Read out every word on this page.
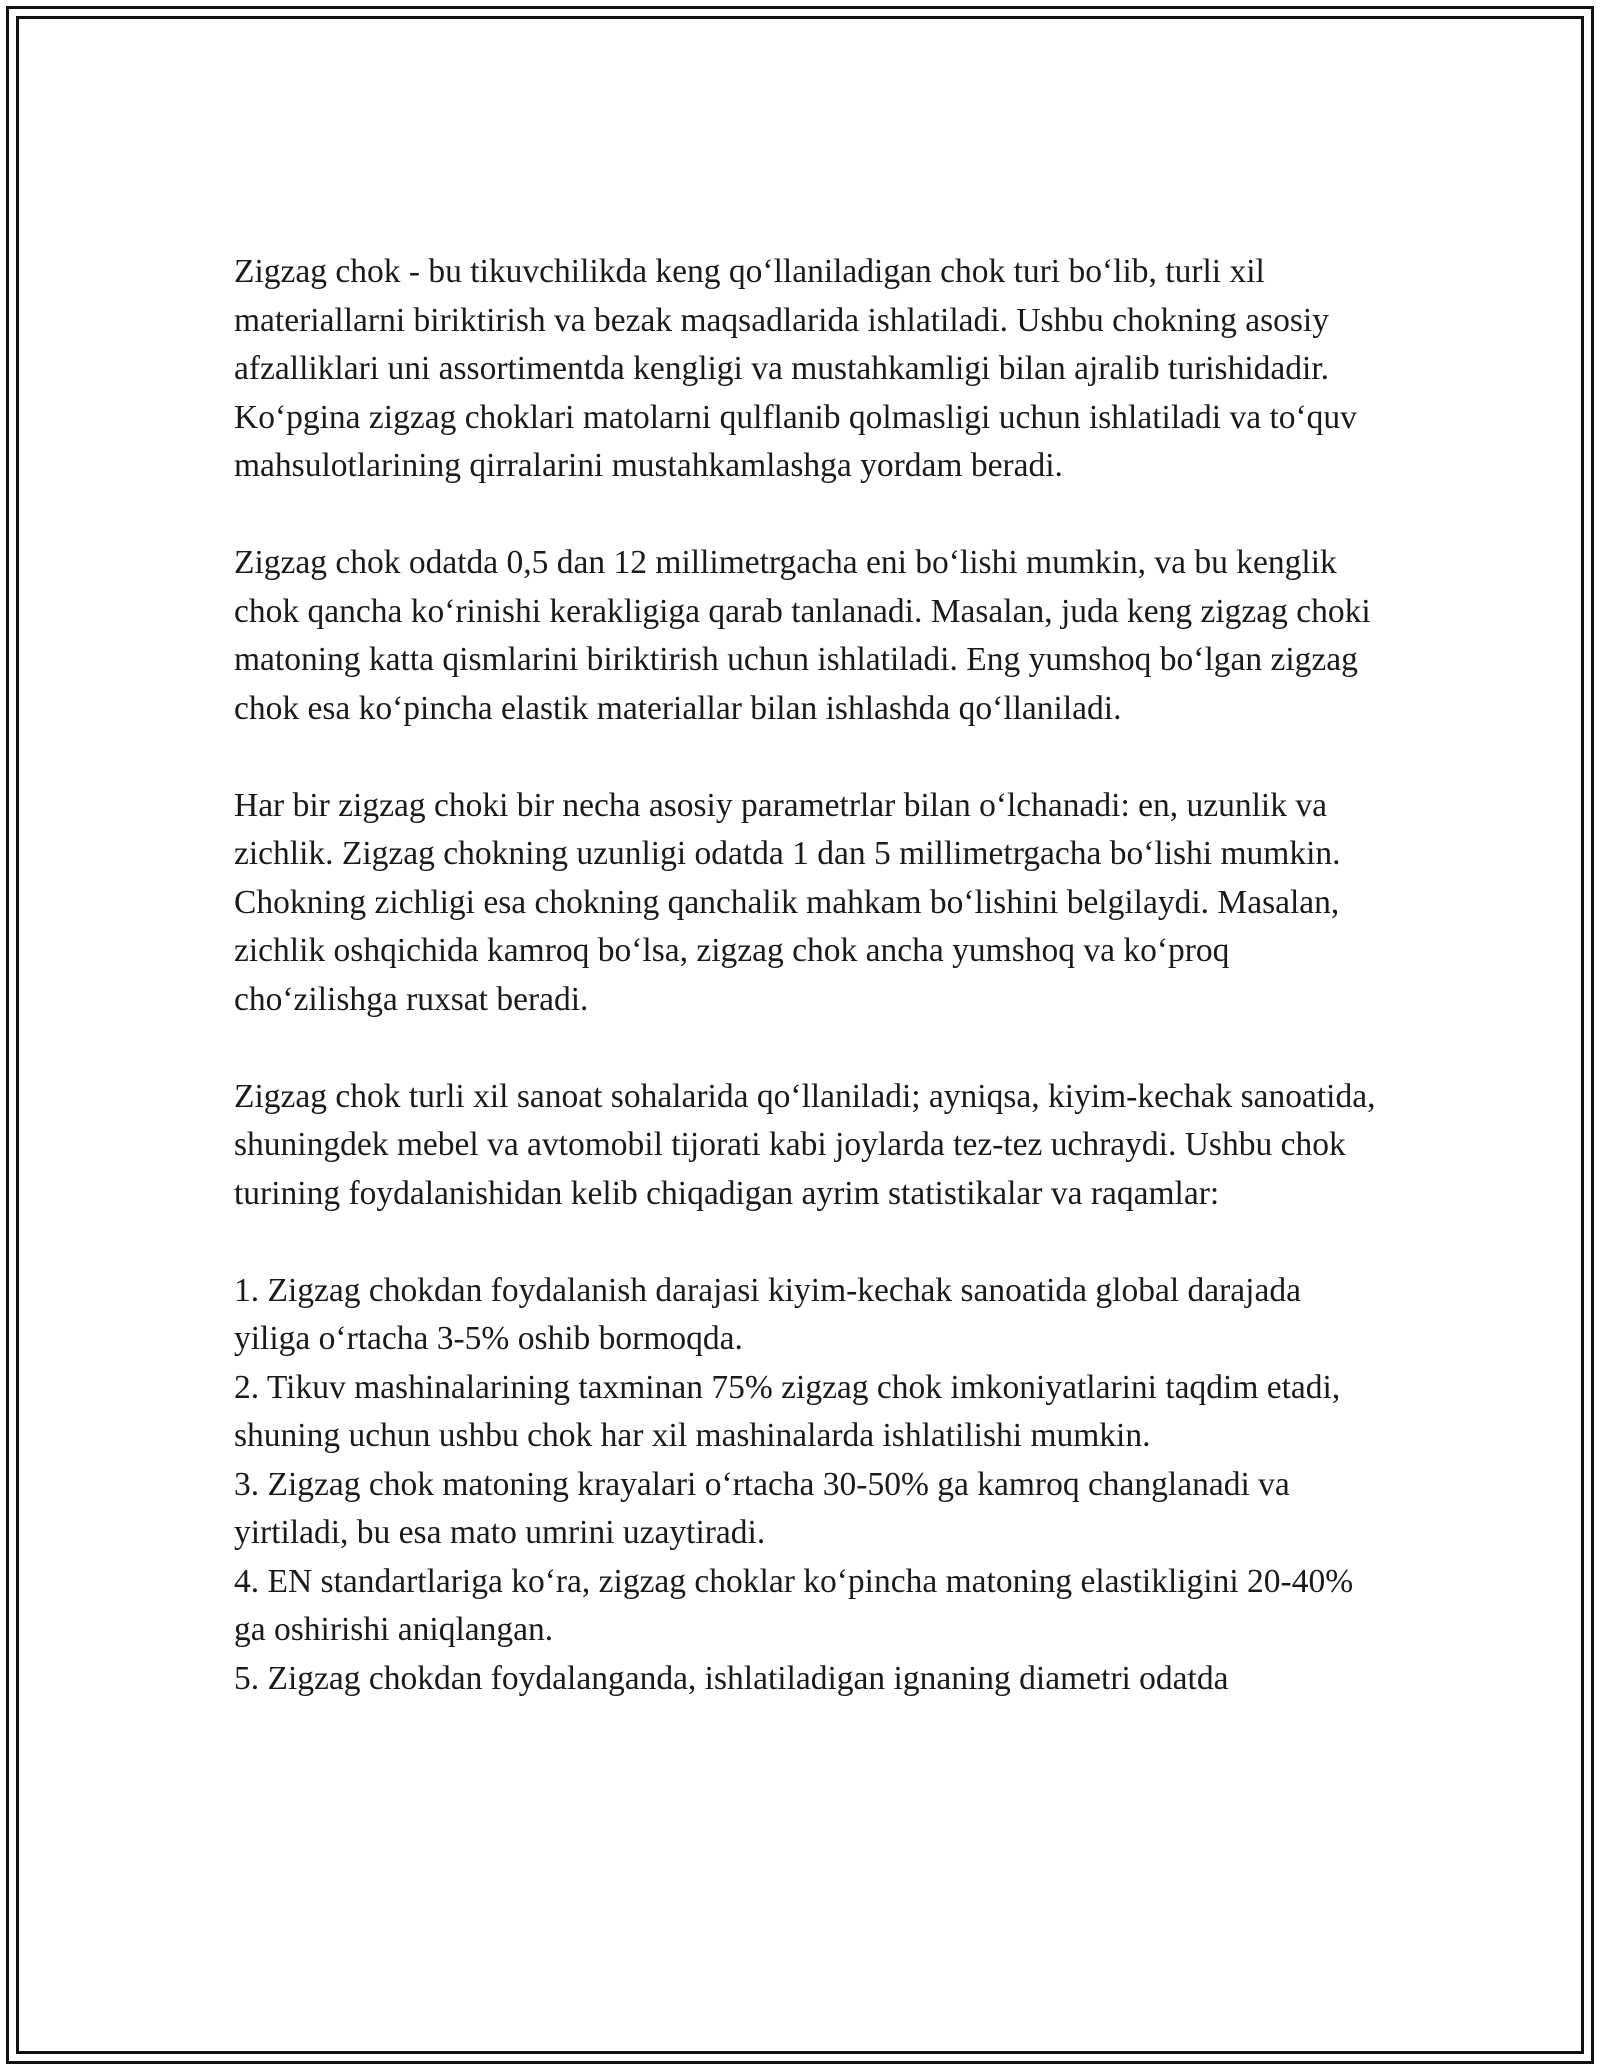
Zigzag chok - bu tikuvchilikda keng qo‘llaniladigan chok turi bo‘lib, turli xil materiallarni biriktirish va bezak maqsadlarida ishlatiladi. Ushbu chokning asosiy afzalliklari uni assortimentda kengligi va mustahkamligi bilan ajralib turishidadir. Ko‘pgina zigzag choklari matolarni qulflanib qolmasligi uchun ishlatiladi va to‘quv mahsulotlarining qirralarini mustahkamlashga yordam beradi.

Zigzag chok odatda 0,5 dan 12 millimetrgacha eni bo‘lishi mumkin, va bu kenglik chok qancha ko‘rinishi kerakligiga qarab tanlanadi. Masalan, juda keng zigzag choki matoning katta qismlarini biriktirish uchun ishlatiladi. Eng yumshoq bo‘lgan zigzag chok esa ko‘pincha elastik materiallar bilan ishlashda qo‘llaniladi.

Har bir zigzag choki bir necha asosiy parametrlar bilan o‘lchanadi: en, uzunlik va zichlik. Zigzag chokning uzunligi odatda 1 dan 5 millimetrgacha bo‘lishi mumkin. Chokning zichligi esa chokning qanchalik mahkam bo‘lishini belgilaydi. Masalan, zichlik oshqichida kamroq bo‘lsa, zigzag chok ancha yumshoq va ko‘proq cho‘zilishga ruxsat beradi.

Zigzag chok turli xil sanoat sohalarida qo‘llaniladi; ayniqsa, kiyim-kechak sanoatida, shuningdek mebel va avtomobil tijorati kabi joylarda tez-tez uchraydi. Ushbu chok turining foydalanishidan kelib chiqadigan ayrim statistikalar va raqamlar:

1. Zigzag chokdan foydalanish darajasi kiyim-kechak sanoatida global darajada yiliga o‘rtacha 3-5% oshib bormoqda.
2. Tikuv mashinalarining taxminan 75% zigzag chok imkoniyatlarini taqdim etadi, shuning uchun ushbu chok har xil mashinalarda ishlatilishi mumkin.
3. Zigzag chok matoning krayalari o‘rtacha 30-50% ga kamroq changlanadi va yirtiladi, bu esa mato umrini uzaytiradi.
4. EN standartlariga ko‘ra, zigzag choklar ko‘pincha matoning elastikligini 20-40% ga oshirishi aniqlangan.
5. Zigzag chokdan foydalanganda, ishlatiladigan ignaning diametri odatda
